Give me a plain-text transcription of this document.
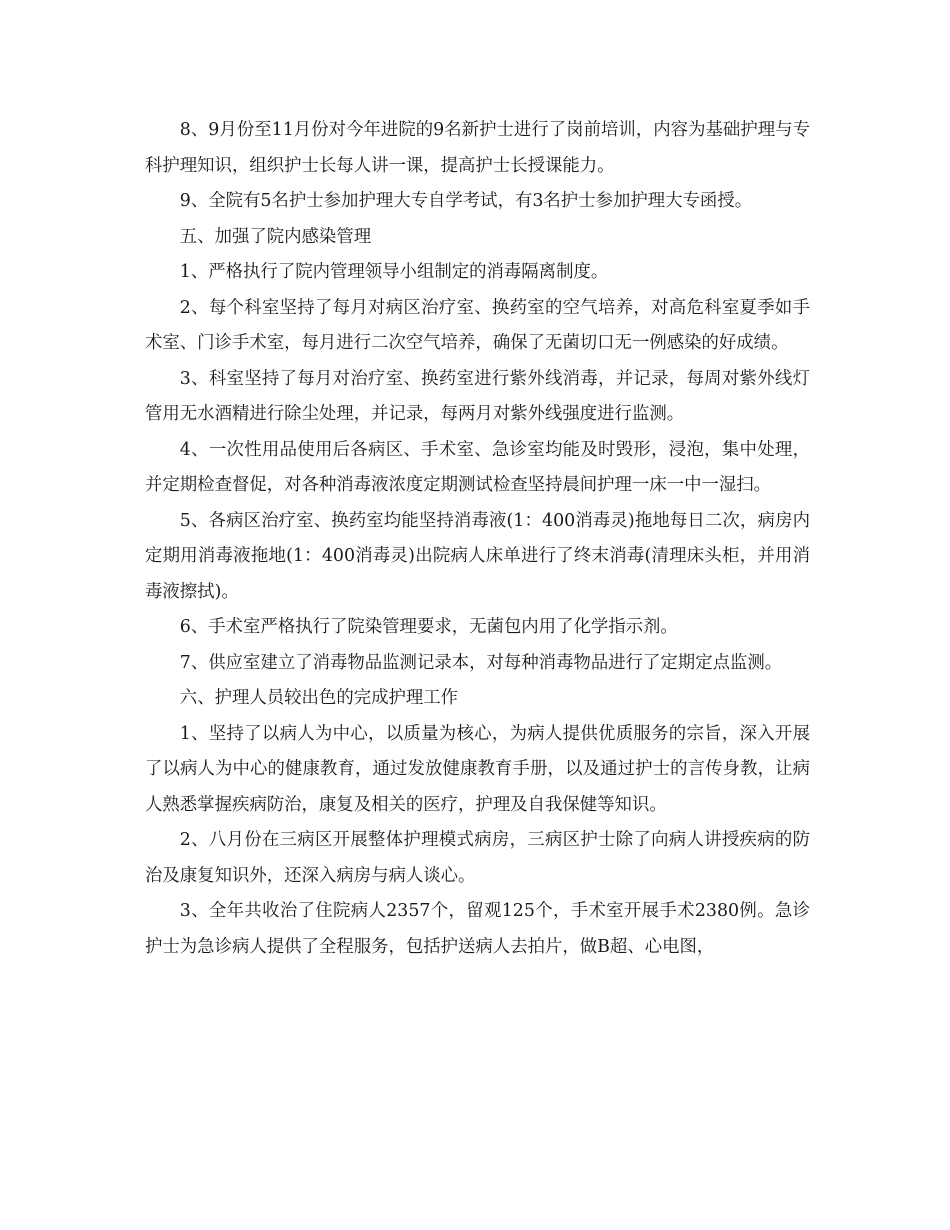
8、9月份至11月份对今年进院的9名新护士进行了岗前培训，内容为基础护理与专科护理知识，组织护士长每人讲一课，提高护士长授课能力。

9、全院有5名护士参加护理大专自学考试，有3名护士参加护理大专函授。

五、加强了院内感染管理

1、严格执行了院内管理领导小组制定的消毒隔离制度。

2、每个科室坚持了每月对病区治疗室、换药室的空气培养，对高危科室夏季如手术室、门诊手术室，每月进行二次空气培养，确保了无菌切口无一例感染的好成绩。

3、科室坚持了每月对治疗室、换药室进行紫外线消毒，并记录，每周对紫外线灯管用无水酒精进行除尘处理，并记录，每两月对紫外线强度进行监测。

4、一次性用品使用后各病区、手术室、急诊室均能及时毁形，浸泡，集中处理，并定期检查督促，对各种消毒液浓度定期测试检查坚持晨间护理一床一中一湿扫。

5、各病区治疗室、换药室均能坚持消毒液(1：400消毒灵)拖地每日二次，病房内定期用消毒液拖地(1：400消毒灵)出院病人床单进行了终末消毒(清理床头柜，并用消毒液擦拭)。

6、手术室严格执行了院染管理要求，无菌包内用了化学指示剂。

7、供应室建立了消毒物品监测记录本，对每种消毒物品进行了定期定点监测。

六、护理人员较出色的完成护理工作

1、坚持了以病人为中心，以质量为核心，为病人提供优质服务的宗旨，深入开展了以病人为中心的健康教育，通过发放健康教育手册，以及通过护士的言传身教，让病人熟悉掌握疾病防治，康复及相关的医疗，护理及自我保健等知识。

2、八月份在三病区开展整体护理模式病房，三病区护士除了向病人讲授疾病的防治及康复知识外，还深入病房与病人谈心。

3、全年共收治了住院病人2357个，留观125个，手术室开展手术2380例。急诊护士为急诊病人提供了全程服务，包括护送病人去拍片，做B超、心电图，
